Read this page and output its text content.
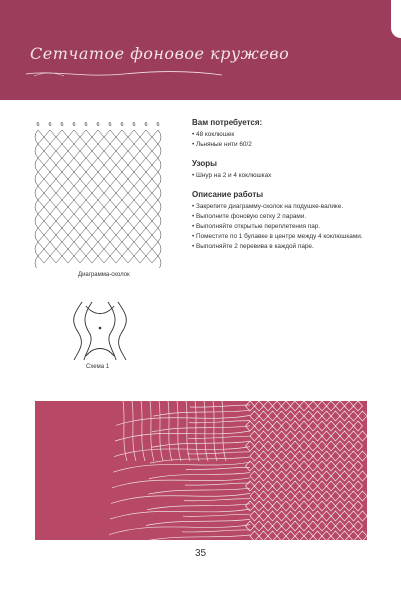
Сетчатое фоновое кружево
6 6 6 6 6 6 6 6 6 6 6
Диаграмма-сколок
Схема 1
Вам потребуется:
• 48 коклюшек
• Льняные нити 60/2
Узоры
• Шнур на 2 и 4 коклюшках
Описание работы
• Закрепите диаграмму-сколок на подушке-валике.
• Выполните фоновую сетку 2 парами.
• Выполняйте открытые переплетения пар.
• Поместите по 1 булавке в центре между 4 коклюшками.
• Выполняйте 2 перевива в каждой паре.
35
